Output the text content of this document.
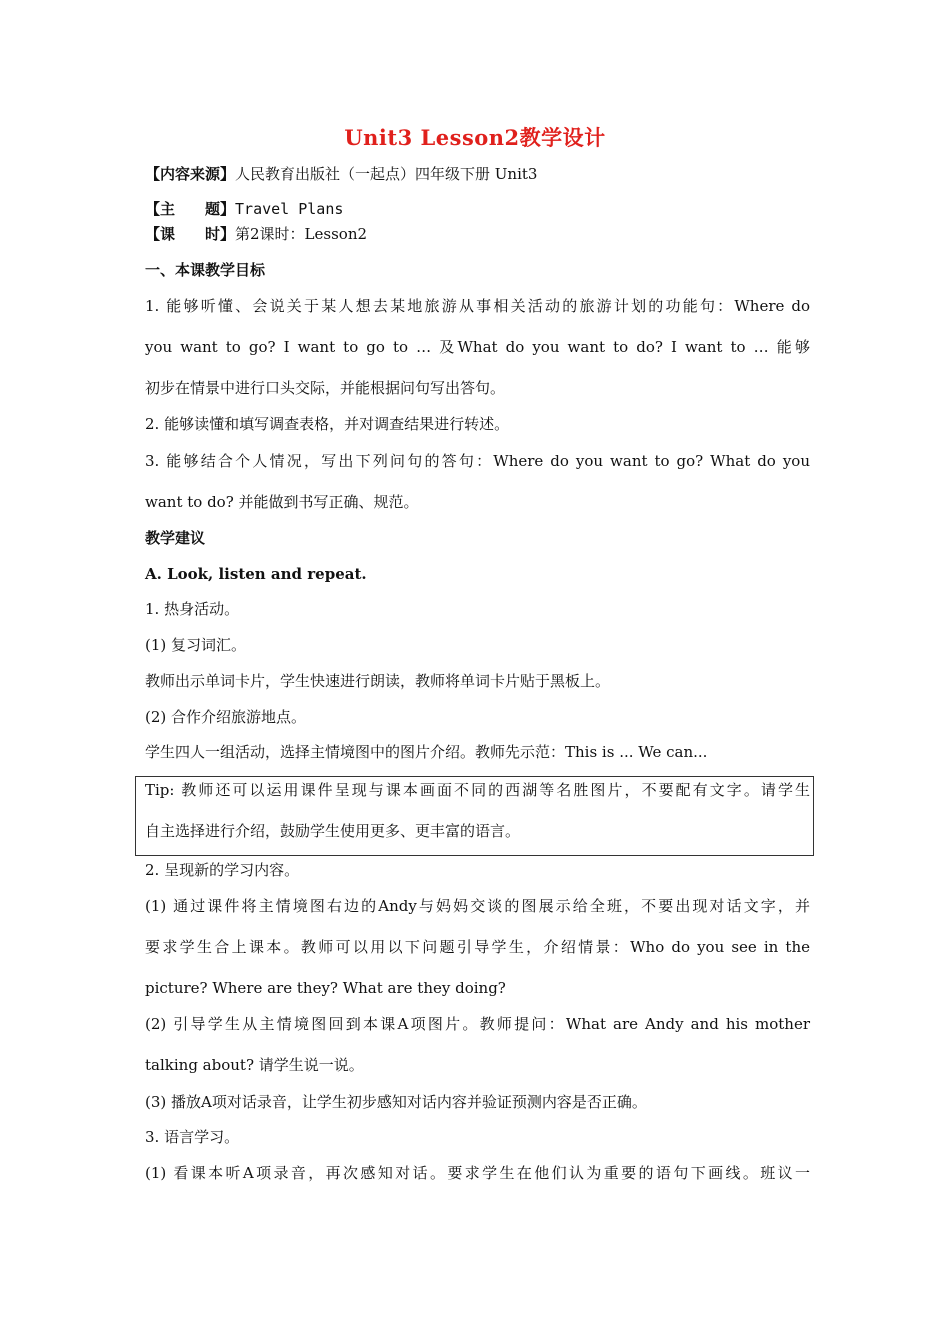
Unit3 Lesson2教学设计
【内容来源】人民教育出版社（一起点）四年级下册 Unit3
【主　　题】Travel Plans
【课　　时】第2课时：Lesson2
一、本课教学目标
1. 能够听懂、会说关于某人想去某地旅游从事相关活动的旅游计划的功能句：Where do
you want to go? I want to go to … 及What do you want to do? I want to … 能够
初步在情景中进行口头交际，并能根据问句写出答句。
2. 能够读懂和填写调查表格，并对调查结果进行转述。
3. 能够结合个人情况，写出下列问句的答句：Where do you want to go? What do you
want to do? 并能做到书写正确、规范。
教学建议
A. Look, listen and repeat.
1. 热身活动。
(1) 复习词汇。
教师出示单词卡片，学生快速进行朗读，教师将单词卡片贴于黑板上。
(2) 合作介绍旅游地点。
学生四人一组活动，选择主情境图中的图片介绍。教师先示范：This is ... We can...
Tip: 教师还可以运用课件呈现与课本画面不同的西湖等名胜图片，不要配有文字。请学生
自主选择进行介绍，鼓励学生使用更多、更丰富的语言。
2. 呈现新的学习内容。
(1) 通过课件将主情境图右边的Andy与妈妈交谈的图展示给全班，不要出现对话文字，并
要求学生合上课本。教师可以用以下问题引导学生，介绍情景：Who do you see in the
picture? Where are they? What are they doing?
(2) 引导学生从主情境图回到本课A项图片。教师提问：What are Andy and his mother
talking about? 请学生说一说。
(3) 播放A项对话录音，让学生初步感知对话内容并验证预测内容是否正确。
3. 语言学习。
(1) 看课本听A项录音，再次感知对话。要求学生在他们认为重要的语句下画线。班议一
